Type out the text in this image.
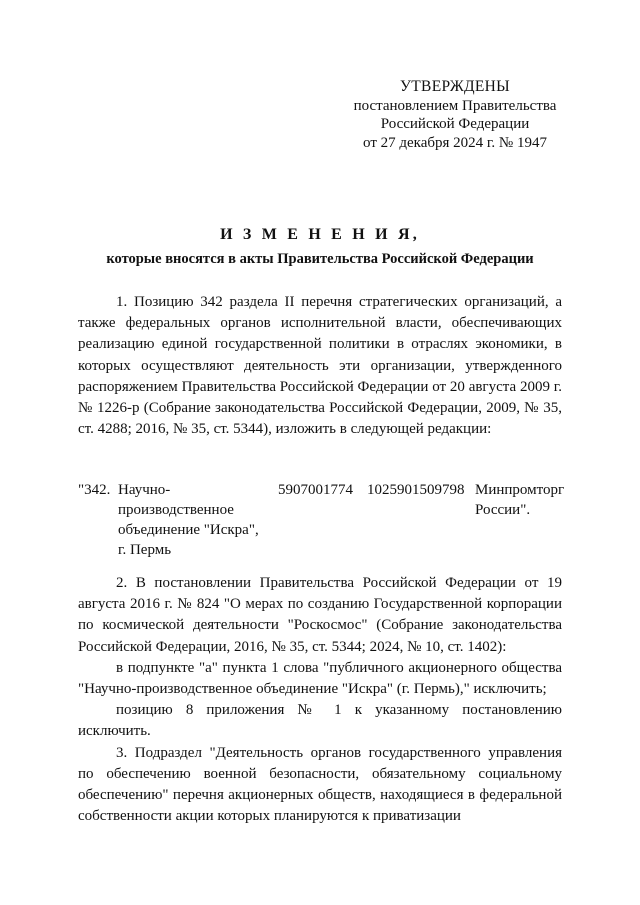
УТВЕРЖДЕНЫ
постановлением Правительства
Российской Федерации
от 27 декабря 2024 г. № 1947
И З М Е Н Е Н И Я,
которые вносятся в акты Правительства Российской Федерации

1. Позицию 342 раздела II перечня стратегических организаций, а также федеральных органов исполнительной власти, обеспечивающих реализацию единой государственной политики в отраслях экономики, в которых осуществляют деятельность эти организации, утвержденного распоряжением Правительства Российской Федерации от 20 августа 2009 г. № 1226-р (Собрание законодательства Российской Федерации, 2009, № 35, ст. 4288; 2016, № 35, ст. 5344), изложить в следующей редакции:

"342. Научно-
производственное
объединение "Искра",
г. Пермь
5907001774 1025901509798 Минпромторг
России".

2. В постановлении Правительства Российской Федерации от 19 августа 2016 г. № 824 "О мерах по созданию Государственной корпорации по космической деятельности "Роскосмос" (Собрание законодательства Российской Федерации, 2016, № 35, ст. 5344; 2024, № 10, ст. 1402):

в подпункте "а" пункта 1 слова "публичного акционерного общества "Научно-производственное объединение "Искра" (г. Пермь)," исключить;

позицию 8 приложения № 1 к указанному постановлению исключить.

3. Подраздел "Деятельность органов государственного управления по обеспечению военной безопасности, обязательному социальному обеспечению" перечня акционерных обществ, находящиеся в федеральной собственности акции которых планируются к приватизации
